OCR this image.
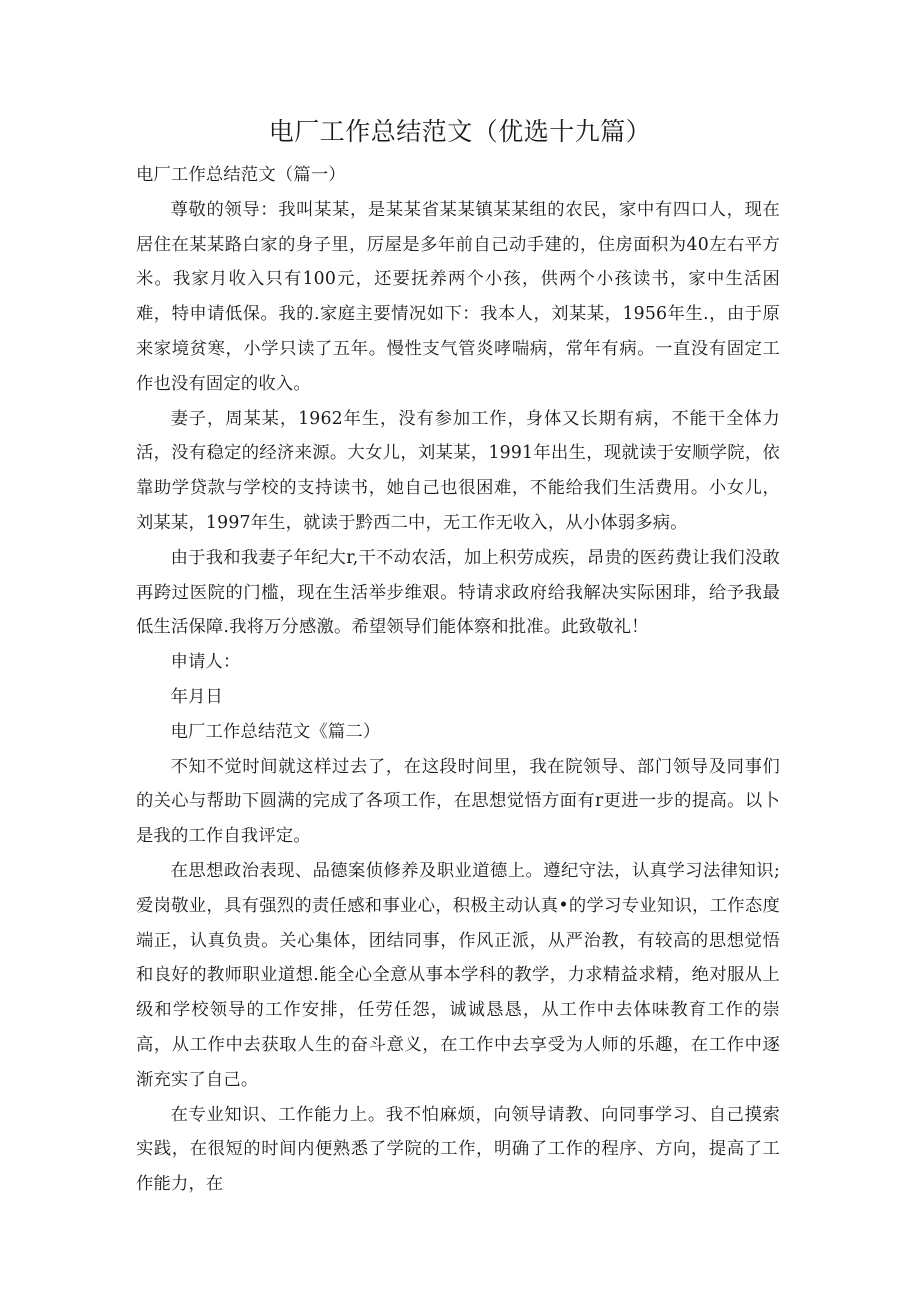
电厂工作总结范文（优选十九篇）

电厂工作总结范文（篇一）

尊敬的领导：我叫某某，是某某省某某镇某某组的农民，家中有四口人，现在居住在某某路白家的身子里，厉屋是多年前自己动手建的，住房面积为40左右平方米。我家月收入只有100元，还要抚养两个小孩，供两个小孩读书，家中生活困难，特申请低保。我的.家庭主要情况如下：我本人，刘某某，1956年生.，由于原来家境贫寒，小学只读了五年。慢性支气管炎哮喘病，常年有病。一直没有固定工作也没有固定的收入。

妻子，周某某，1962年生，没有参加工作，身体又长期有病，不能干全体力活，没有稳定的经济来源。大女儿，刘某某，1991年出生，现就读于安顺学院，依靠助学贷款与学校的支持读书，她自己也很困难，不能给我们生活费用。小女儿，刘某某，1997年生，就读于黔西二中，无工作无收入，从小体弱多病。

由于我和我妻子年纪大r,干不动农活，加上积劳成疾，昂贵的医药费让我们没敢再跨过医院的门槛，现在生活举步维艰。特请求政府给我解决实际困琲，给予我最低生活保障.我将万分感激。希望领导们能体察和批准。此致敬礼！

申请人：

年月日

电厂工作总结范文《篇二）

不知不觉时间就这样过去了，在这段时间里，我在院领导、部门领导及同事们的关心与帮助下圆满的完成了各项工作，在思想觉悟方面有r更进一步的提高。以卜是我的工作自我评定。

在思想政治表现、品德案侦修养及职业道德上。遵纪守法，认真学习法律知识;爱岗敬业，具有强烈的责任感和事业心，积极主动认真•的学习专业知识，工作态度端正，认真负贵。关心集体，团结同事，作风正派，从严治教，有较高的思想觉悟和良好的教师职业道想.能全心全意从事本学科的教学，力求精益求精，绝对服从上级和学校领导的工作安排，任劳任怨，诚诚恳恳，从工作中去体味教育工作的崇高，从工作中去获取人生的奋斗意义，在工作中去享受为人师的乐趣，在工作中逐渐充实了自己。

在专业知识、工作能力上。我不怕麻烦，向领导请教、向同事学习、自己摸索实践，在很短的时间内便熟悉了学院的工作，明确了工作的程序、方向，提高了工作能力，在
